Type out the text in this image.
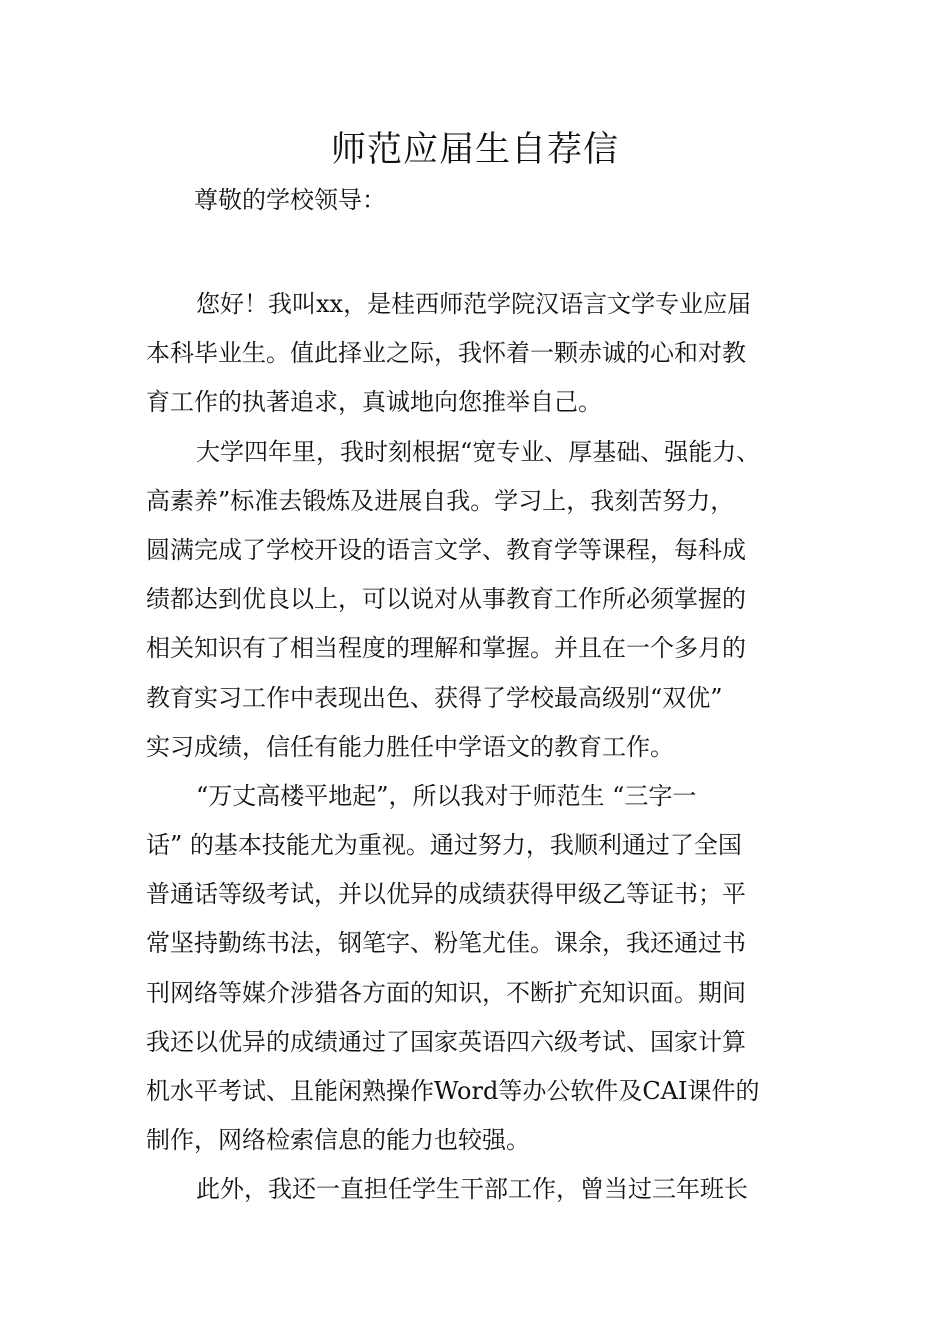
师范应届生自荐信

尊敬的学校领导：

您好！我叫xx，是桂西师范学院汉语言文学专业应届
本科毕业生。值此择业之际，我怀着一颗赤诚的心和对教
育工作的执著追求，真诚地向您推举自己。

大学四年里，我时刻根据“宽专业、厚基础、强能力、
高素养”标准去锻炼及进展自我。学习上，我刻苦努力，
圆满完成了学校开设的语言文学、教育学等课程，每科成
绩都达到优良以上，可以说对从事教育工作所必须掌握的
相关知识有了相当程度的理解和掌握。并且在一个多月的
教育实习工作中表现出色、获得了学校最高级别“双优”
实习成绩，信任有能力胜任中学语文的教育工作。

“万丈高楼平地起”，所以我对于师范生 “三字一
话” 的基本技能尤为重视。通过努力，我顺利通过了全国
普通话等级考试，并以优异的成绩获得甲级乙等证书；平
常坚持勤练书法，钢笔字、粉笔尤佳。课余，我还通过书
刊网络等媒介涉猎各方面的知识，不断扩充知识面。期间
我还以优异的成绩通过了国家英语四六级考试、国家计算
机水平考试、且能闲熟操作Word等办公软件及CAI课件的
制作，网络检索信息的能力也较强。

此外，我还一直担任学生干部工作，曾当过三年班长
